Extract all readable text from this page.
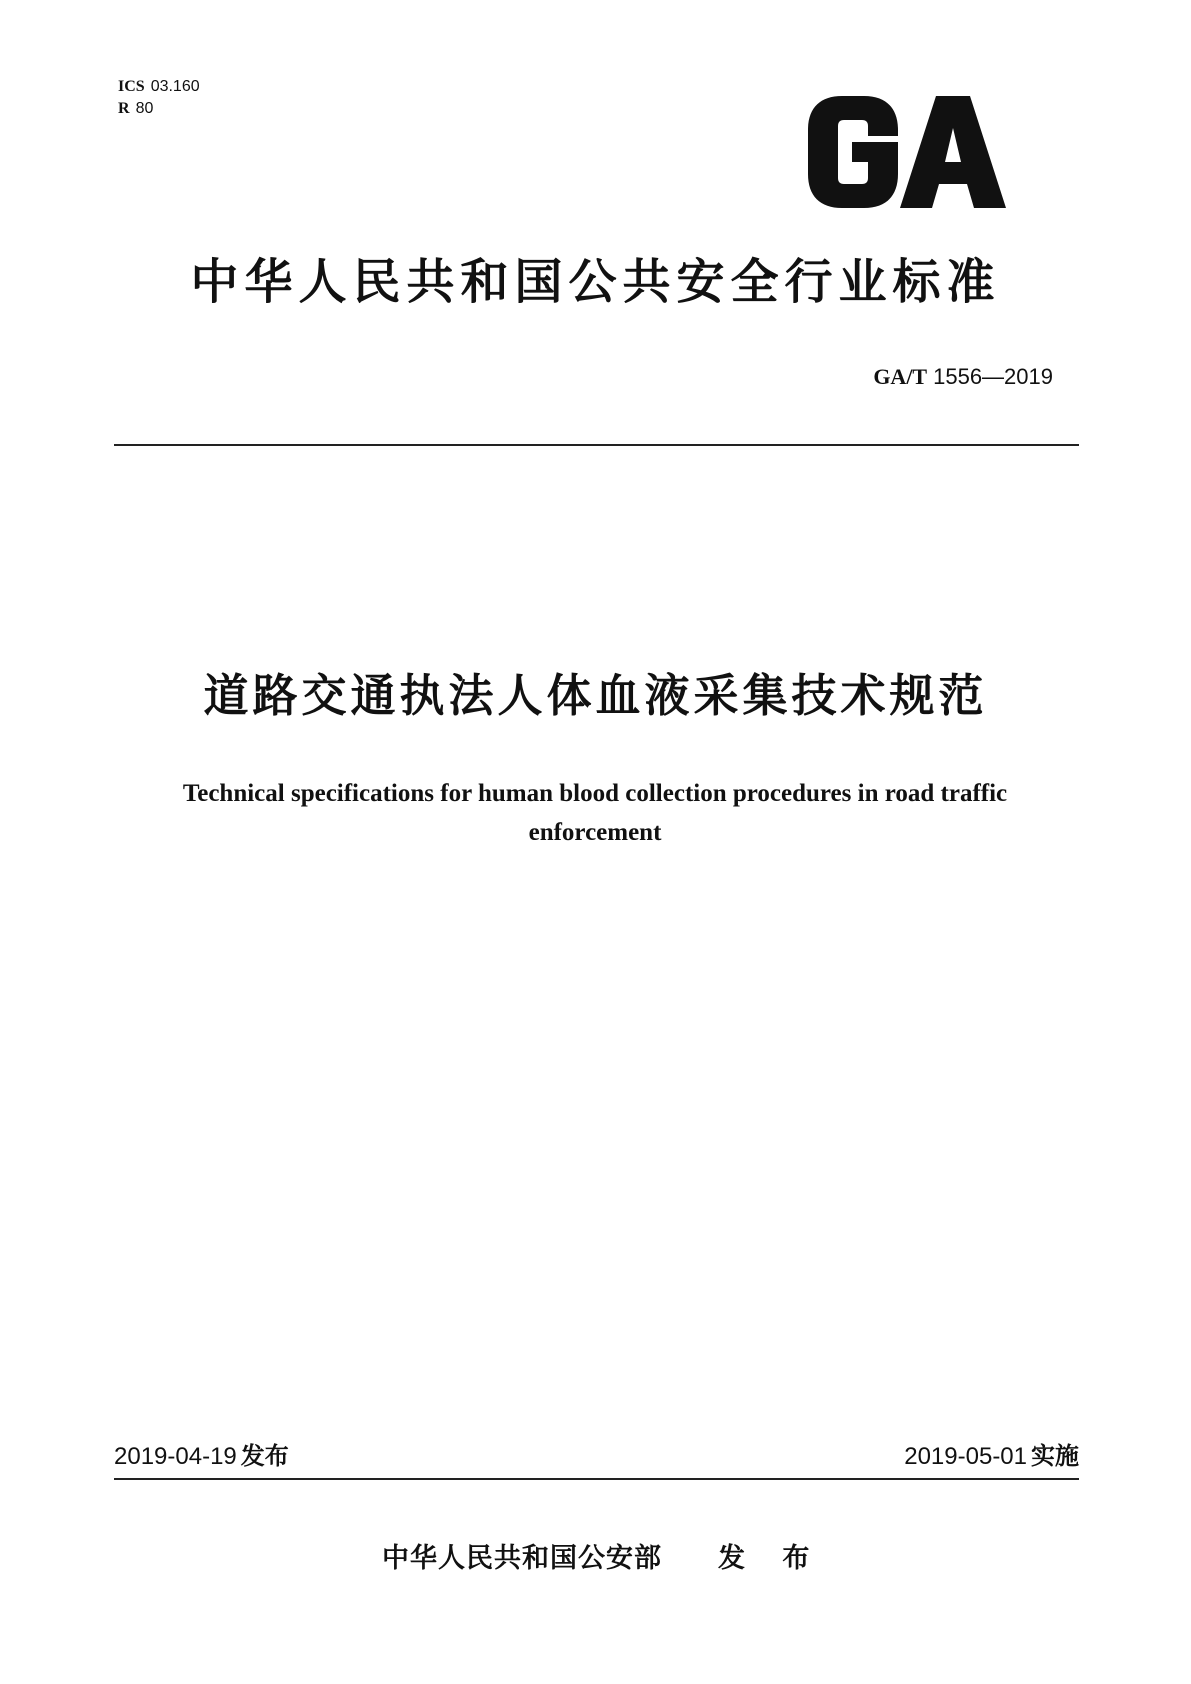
ICS 03.160
R 80
中华人民共和国公共安全行业标准
GA/T 1556—2019
道路交通执法人体血液采集技术规范
Technical specifications for human blood collection procedures in road traffic
enforcement
2019-04-19 发布	2019-05-01 实施
中华人民共和国公安部 发 布
